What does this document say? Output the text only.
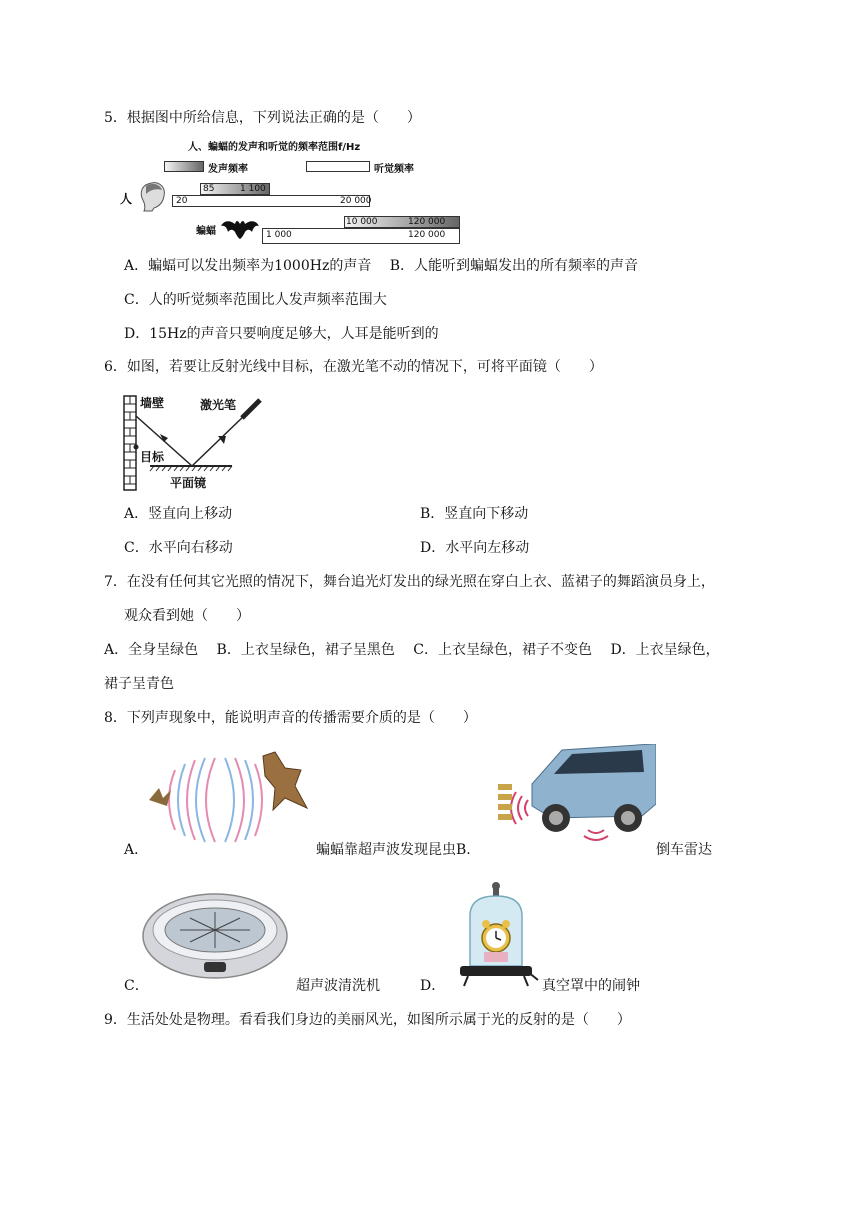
5．根据图中所给信息，下列说法正确的是（　　）
人、蝙蝠的发声和听觉的频率范围f/Hz
发声频率	听觉频率
人
85	1 100
20	20 000
10 000	120 000
1 000	120 000
蝙蝠
A．蝙蝠可以发出频率为1000Hz的声音　 B．人能听到蝙蝠发出的所有频率的声音
C．人的听觉频率范围比人发声频率范围大
D．15Hz的声音只要响度足够大，人耳是能听到的
6．如图，若要让反射光线中目标，在激光笔不动的情况下，可将平面镜（　　）
墙壁	激光笔
目标
平面镜
A．竖直向上移动	B．竖直向下移动
C．水平向右移动	D．水平向左移动
7．在没有任何其它光照的情况下，舞台追光灯发出的绿光照在穿白上衣、蓝裙子的舞蹈演员身上，
观众看到她（　　）
A．全身呈绿色　 B．上衣呈绿色，裙子呈黑色　 C．上衣呈绿色，裙子不变色　 D．上衣呈绿色，
裙子呈青色
8．下列声现象中，能说明声音的传播需要介质的是（　　）
A．	蝙蝠靠超声波发现昆虫B.	倒车雷达
C．	超声波清洗机	D．	真空罩中的闹钟
9．生活处处是物理。看看我们身边的美丽风光，如图所示属于光的反射的是（　　）
